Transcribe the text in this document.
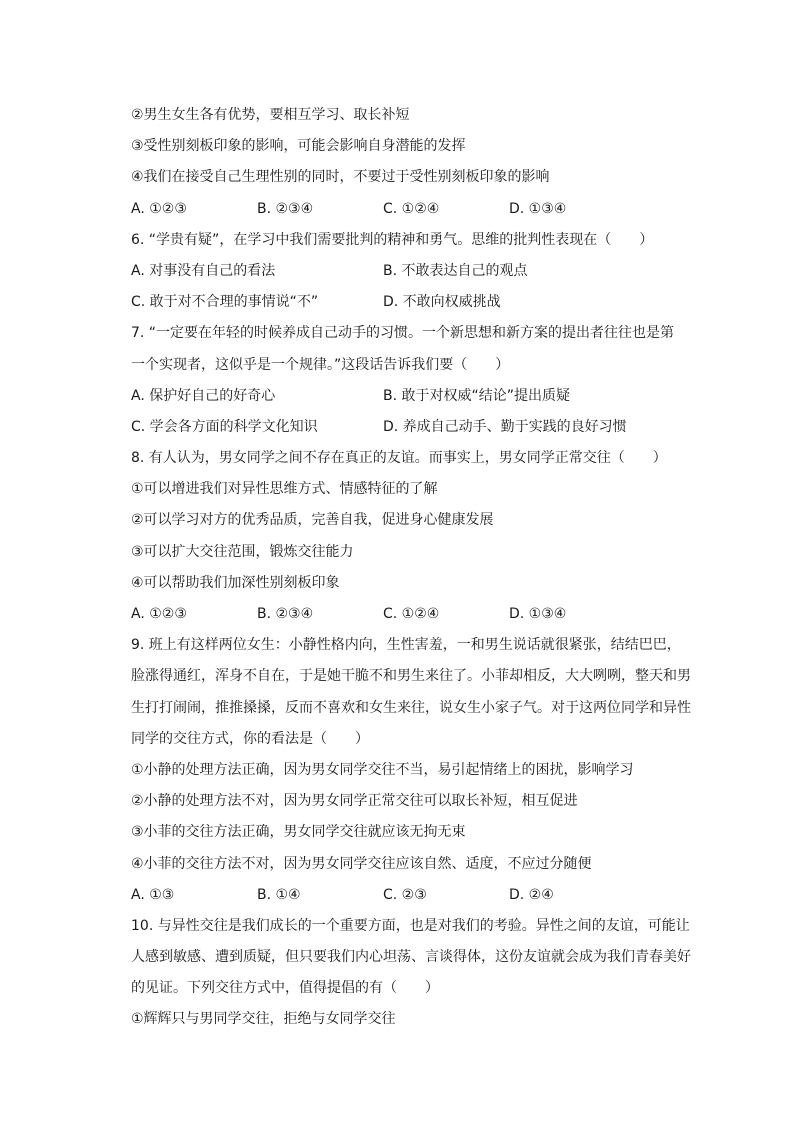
②男生女生各有优势，要相互学习、取长补短
③受性别刻板印象的影响，可能会影响自身潜能的发挥
④我们在接受自己生理性别的同时，不要过于受性别刻板印象的影响
A. ①②③	B. ②③④	C. ①②④	D. ①③④
6. “学贵有疑”，在学习中我们需要批判的精神和勇气。思维的批判性表现在（　　）
A. 对事没有自己的看法	B. 不敢表达自己的观点
C. 敢于对不合理的事情说“不”	D. 不敢向权威挑战
7. “一定要在年轻的时候养成自己动手的习惯。一个新思想和新方案的提出者往往也是第
一个实现者，这似乎是一个规律。”这段话告诉我们要（　　）
A. 保护好自己的好奇心	B. 敢于对权威“结论”提出质疑
C. 学会各方面的科学文化知识	D. 养成自己动手、勤于实践的良好习惯
8. 有人认为，男女同学之间不存在真正的友谊。而事实上，男女同学正常交往（　　）
①可以增进我们对异性思维方式、情感特征的了解
②可以学习对方的优秀品质，完善自我，促进身心健康发展
③可以扩大交往范围，锻炼交往能力
④可以帮助我们加深性别刻板印象
A. ①②③	B. ②③④	C. ①②④	D. ①③④
9. 班上有这样两位女生：小静性格内向，生性害羞，一和男生说话就很紧张，结结巴巴，
脸涨得通红，浑身不自在，于是她干脆不和男生来往了。小菲却相反，大大咧咧，整天和男
生打打闹闹，推推搡搡，反而不喜欢和女生来往，说女生小家子气。对于这两位同学和异性
同学的交往方式，你的看法是（　　）
①小静的处理方法正确，因为男女同学交往不当，易引起情绪上的困扰，影响学习
②小静的处理方法不对，因为男女同学正常交往可以取长补短，相互促进
③小菲的交往方法正确，男女同学交往就应该无拘无束
④小菲的交往方法不对，因为男女同学交往应该自然、适度，不应过分随便
A. ①③	B. ①④	C. ②③	D. ②④
10. 与异性交往是我们成长的一个重要方面，也是对我们的考验。异性之间的友谊，可能让
人感到敏感、遭到质疑，但只要我们内心坦荡、言谈得体，这份友谊就会成为我们青春美好
的见证。下列交往方式中，值得提倡的有（　　）
①辉辉只与男同学交往，拒绝与女同学交往
